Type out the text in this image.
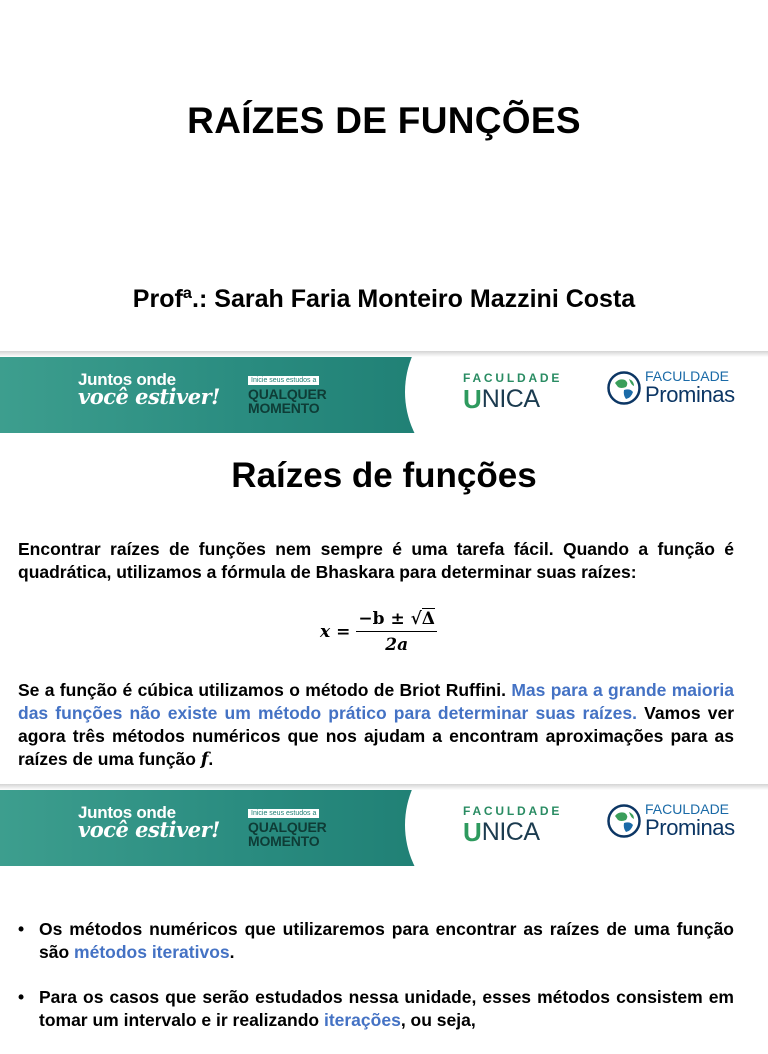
RAÍZES DE FUNÇÕES
Profª.: Sarah Faria Monteiro Mazzini Costa
Juntos onde
você estiver!
Inicie seus estudos a
QUALQUER
MOMENTO
FACULDADE
U NICA
FACULDADE
Prominas
Raízes de funções
Encontrar raízes de funções nem sempre é uma tarefa fácil. Quando a função é quadrática, utilizamos a fórmula de Bhaskara para determinar suas raízes:
$x = \frac{-b \pm √\Delta}{2a}$
Se a função é cúbica utilizamos o método de Briot Ruffini. Mas para a grande maioria das funções não existe um método prático para determinar suas raízes. Vamos ver agora três métodos numéricos que nos ajudam a encontram aproximações para as raízes de uma função f.
Juntos onde
você estiver!
Inicie seus estudos a
QUALQUER
MOMENTO
FACULDADE
U NICA
FACULDADE
Prominas
• Os métodos numéricos que utilizaremos para encontrar as raízes de uma função são métodos iterativos.
• Para os casos que serão estudados nessa unidade, esses métodos consistem em tomar um intervalo e ir realizando iterações, ou seja,
